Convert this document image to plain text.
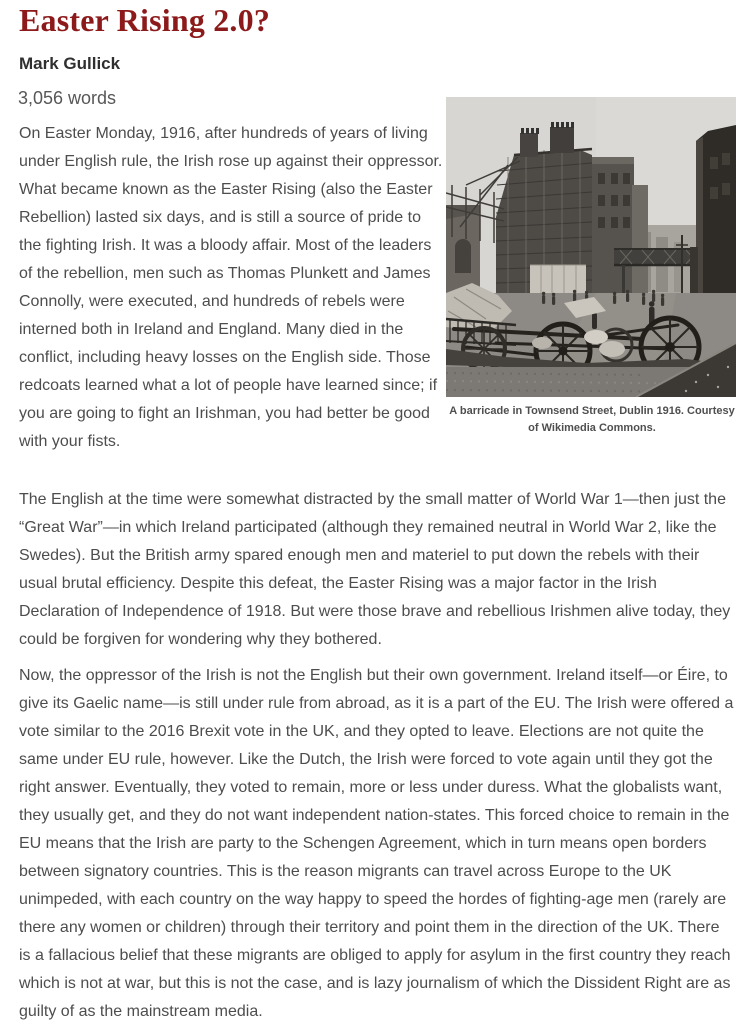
Easter Rising 2.0?
Mark Gullick
3,056 words
A barricade in Townsend Street, Dublin 1916. Courtesy of Wikimedia Commons.

On Easter Monday, 1916, after hundreds of years of living under English rule, the Irish rose up against their oppressor. What became known as the Easter Rising (also the Easter Rebellion) lasted six days, and is still a source of pride to the fighting Irish. It was a bloody affair. Most of the leaders of the rebellion, men such as Thomas Plunkett and James Connolly, were executed, and hundreds of rebels were interned both in Ireland and England. Many died in the conflict, including heavy losses on the English side. Those redcoats learned what a lot of people have learned since; if you are going to fight an Irishman, you had better be good with your fists.

The English at the time were somewhat distracted by the small matter of World War 1—then just the “Great War”—in which Ireland participated (although they remained neutral in World War 2, like the Swedes). But the British army spared enough men and materiel to put down the rebels with their usual brutal efficiency. Despite this defeat, the Easter Rising was a major factor in the Irish Declaration of Independence of 1918. But were those brave and rebellious Irishmen alive today, they could be forgiven for wondering why they bothered.

Now, the oppressor of the Irish is not the English but their own government. Ireland itself—or Éire, to give its Gaelic name—is still under rule from abroad, as it is a part of the EU. The Irish were offered a vote similar to the 2016 Brexit vote in the UK, and they opted to leave. Elections are not quite the same under EU rule, however. Like the Dutch, the Irish were forced to vote again until they got the right answer. Eventually, they voted to remain, more or less under duress. What the globalists want, they usually get, and they do not want independent nation-states. This forced choice to remain in the EU means that the Irish are party to the Schengen Agreement, which in turn means open borders between signatory countries. This is the reason migrants can travel across Europe to the UK unimpeded, with each country on the way happy to speed the hordes of fighting-age men (rarely are there any women or children) through their territory and point them in the direction of the UK. There is a fallacious belief that these migrants are obliged to apply for asylum in the first country they reach which is not at war, but this is not the case, and is lazy journalism of which the Dissident Right are as guilty of as the mainstream media.
